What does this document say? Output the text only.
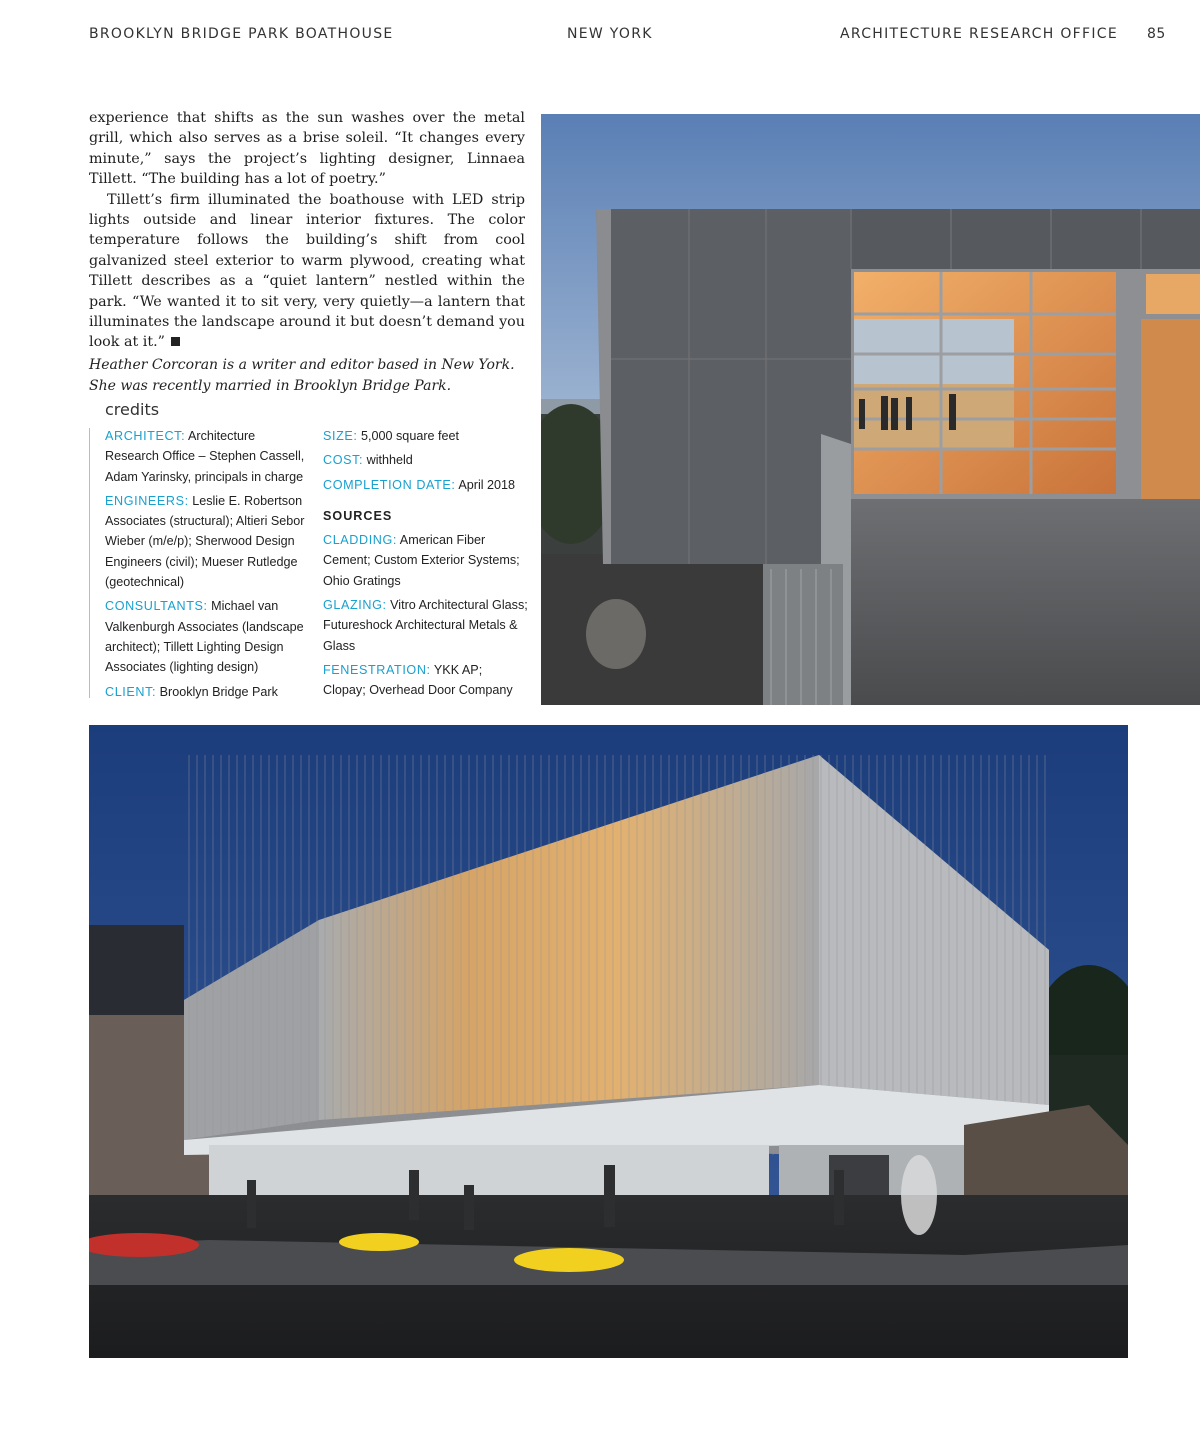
BROOKLYN BRIDGE PARK BOATHOUSE	NEW YORK	ARCHITECTURE RESEARCH OFFICE 85

experience that shifts as the sun washes over the metal grill, which also serves as a brise soleil. “It changes every minute,” says the project’s lighting designer, Linnaea Tillett. “The building has a lot of poetry.”

Tillett’s firm illuminated the boathouse with LED strip lights outside and linear interior fixtures. The color temperature follows the building’s shift from cool galvanized steel exterior to warm plywood, creating what Tillett describes as a “quiet lantern” nestled within the park. “We wanted it to sit very, very quietly—a lantern that illuminates the landscape around it but doesn’t demand you look at it.”

Heather Corcoran is a writer and editor based in New York. She was recently married in Brooklyn Bridge Park.
credits
ARCHITECT: Architecture Research Office – Stephen Cassell, Adam Yarinsky, principals in charge
ENGINEERS: Leslie E. Robertson Associates (structural); Altieri Sebor Wieber (m/e/p); Sherwood Design Engineers (civil); Mueser Rutledge (geotechnical)
CONSULTANTS: Michael van Valkenburgh Associates (landscape architect); Tillett Lighting Design Associates (lighting design)
CLIENT: Brooklyn Bridge Park
SIZE: 5,000 square feet
COST: withheld
COMPLETION DATE: April 2018
SOURCES
CLADDING: American Fiber Cement; Custom Exterior Systems; Ohio Gratings
GLAZING: Vitro Architectural Glass; Futureshock Architectural Metals & Glass
FENESTRATION: YKK AP; Clopay; Overhead Door Company
